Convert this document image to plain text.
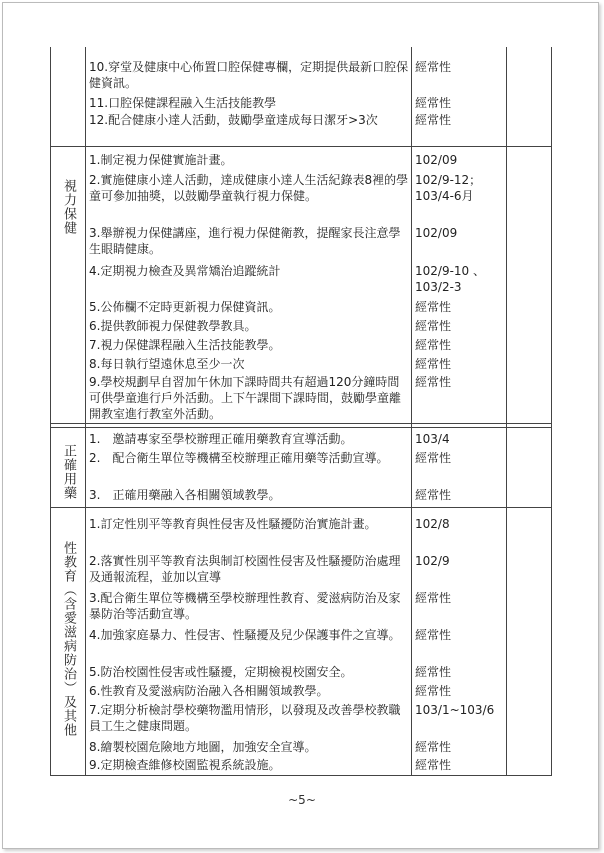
10.穿堂及健康中心佈置口腔保健專欄，定期提供最新口腔保健資訊。
11.口腔保健課程融入生活技能教學
12.配合健康小達人活動，鼓勵學童達成每日潔牙>3次
經常性
經常性
經常性
視力保健
1.制定視力保健實施計畫。
2.實施健康小達人活動，達成健康小達人生活紀錄表8裡的學童可參加抽獎，以鼓勵學童執行視力保健。
3.舉辦視力保健講座，進行視力保健衛教，提醒家長注意學生眼睛健康。
4.定期視力檢查及異常矯治追蹤統計
5.公佈欄不定時更新視力保健資訊。
6.提供教師視力保健教學教具。
7.視力保健課程融入生活技能教學。
8.每日執行望遠休息至少一次
9.學校規劃早自習加午休加下課時間共有超過120分鐘時間可供學童進行戶外活動。上下午課間下課時間，鼓勵學童離開教室進行教室外活動。
102/09
102/9-12；103/4-6月
102/09
102/9-10 、103/2-3
經常性
經常性
經常性
經常性
經常性
正確用藥
1.　邀請專家至學校辦理正確用藥教育宣導活動。
2.　配合衛生單位等機構至校辦理正確用藥等活動宣導。
3.　正確用藥融入各相關領域教學。
103/4
經常性
經常性
性教育（含愛滋病防治）及其他
1.訂定性別平等教育與性侵害及性騷擾防治實施計畫。
2.落實性別平等教育法與制訂校園性侵害及性騷擾防治處理及通報流程，並加以宣導
3.配合衛生單位等機構至學校辦理性教育、愛滋病防治及家暴防治等活動宣導。
4.加強家庭暴力、性侵害、性騷擾及兒少保護事件之宣導。
5.防治校園性侵害或性騷擾，定期檢視校園安全。
6.性教育及愛滋病防治融入各相關領域教學。
7.定期分析檢討學校藥物濫用情形，以發現及改善學校教職員工生之健康問題。
8.繪製校園危險地方地圖，加強安全宣導。
9.定期檢查維修校園監視系統設施。
102/8
102/9
經常性
經常性
經常性
經常性
103/1~103/6
經常性
經常性
~5~
